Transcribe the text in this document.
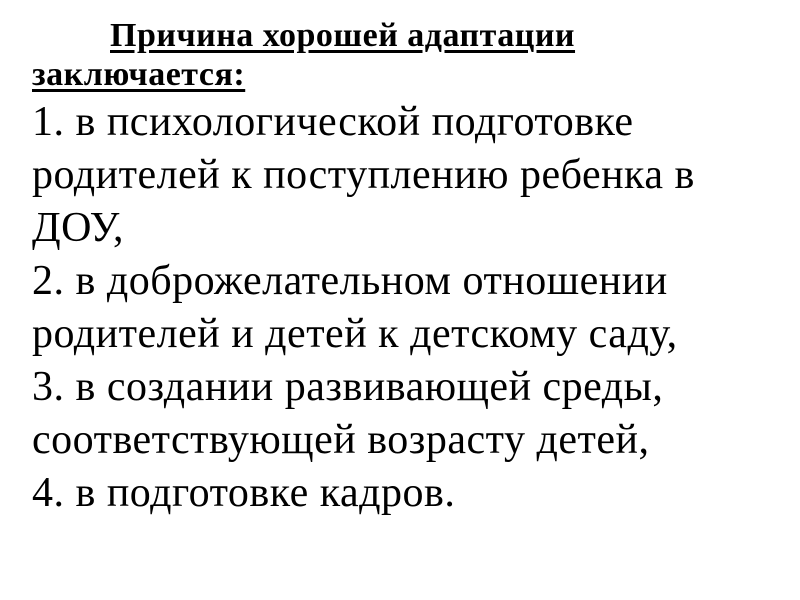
Причина хорошей адаптации
заключается:
1. в психологической подготовке
родителей к поступлению ребенка в
ДОУ,
2. в доброжелательном отношении
родителей и детей к детскому саду,
3. в создании развивающей среды,
соответствующей возрасту детей,
4. в подготовке кадров.
